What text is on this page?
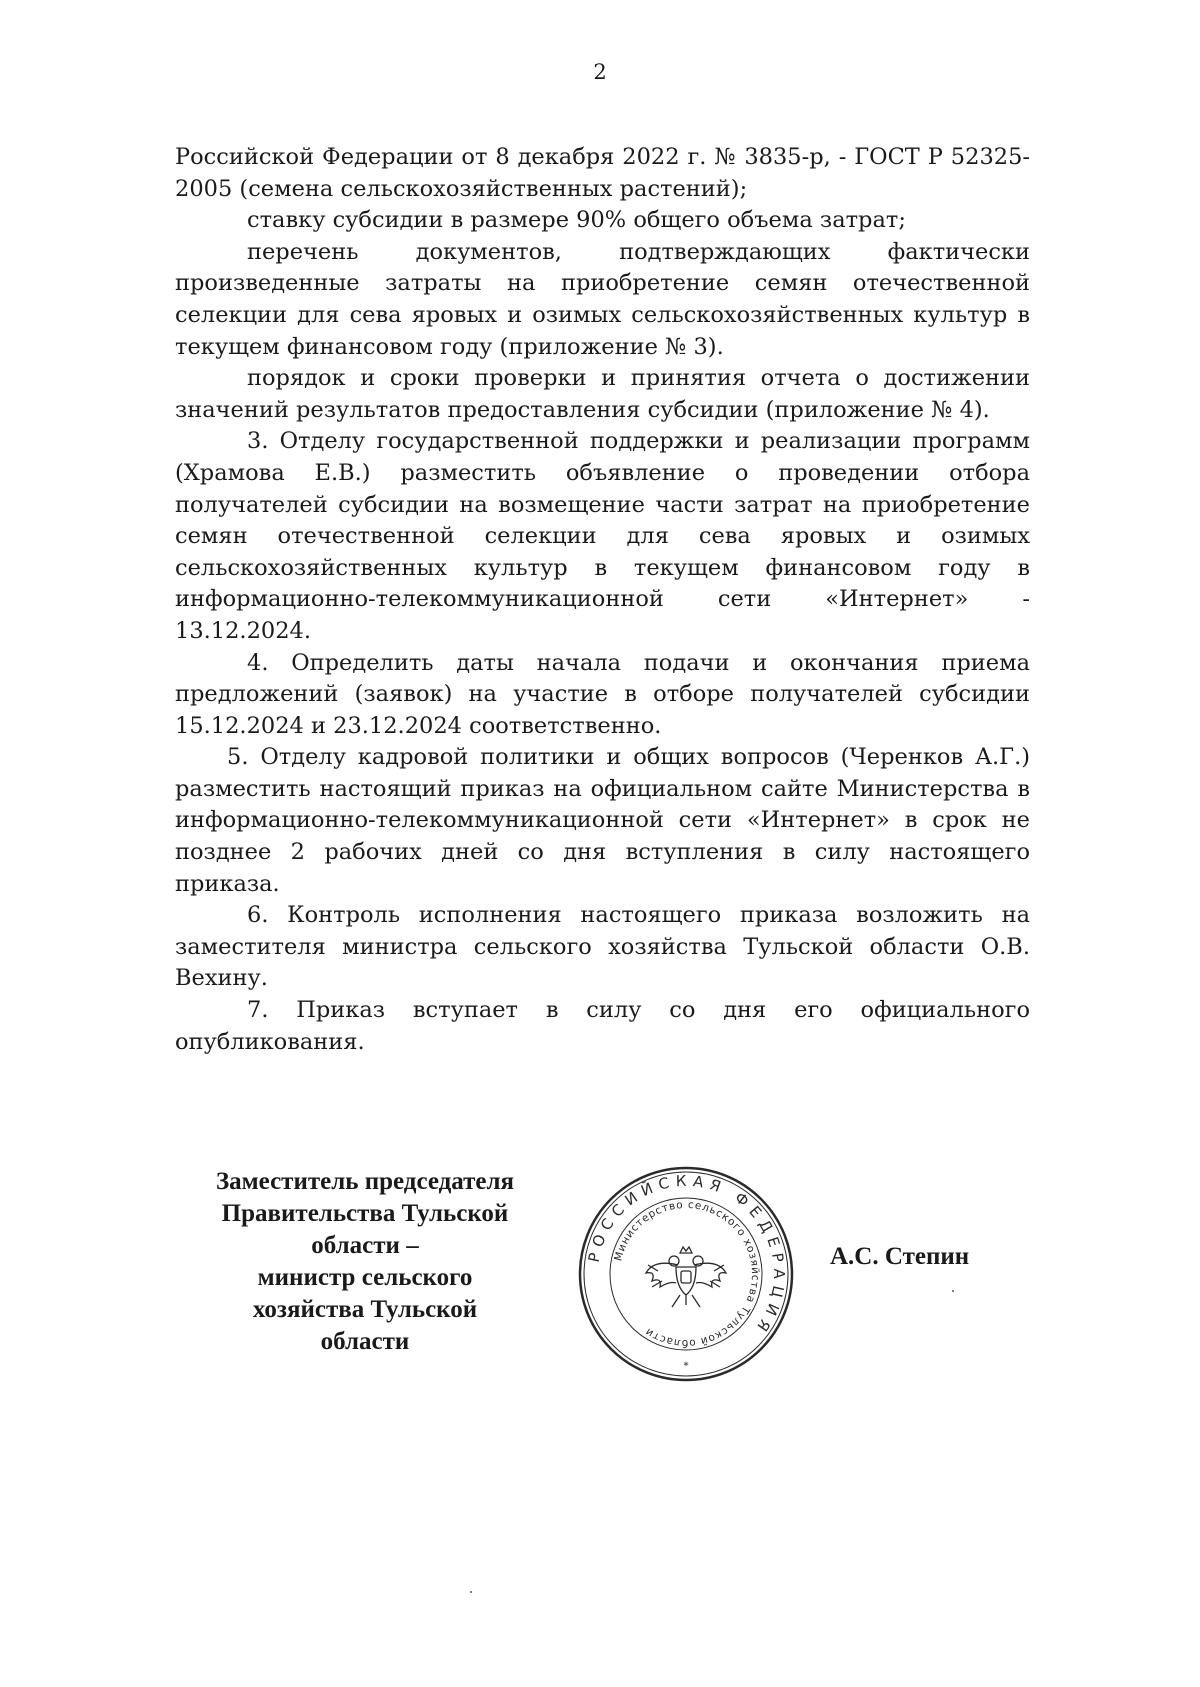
2

Российской Федерации от 8 декабря 2022 г. № 3835-р, - ГОСТ Р 52325-2005 (семена сельскохозяйственных растений);

ставку субсидии в размере 90% общего объема затрат;

перечень документов, подтверждающих фактически произведенные затраты на приобретение семян отечественной селекции для сева яровых и озимых сельскохозяйственных культур в текущем финансовом году (приложение № 3).

порядок и сроки проверки и принятия отчета о достижении значений результатов предоставления субсидии (приложение № 4).

3. Отделу государственной поддержки и реализации программ (Храмова Е.В.) разместить объявление о проведении отбора получателей субсидии на возмещение части затрат на приобретение семян отечественной селекции для сева яровых и озимых сельскохозяйственных культур в текущем финансовом году в информационно-телекоммуникационной сети «Интернет» - 13.12.2024.

4. Определить даты начала подачи и окончания приема предложений (заявок) на участие в отборе получателей субсидии 15.12.2024 и 23.12.2024 соответственно.

5. Отделу кадровой политики и общих вопросов (Черенков А.Г.) разместить настоящий приказ на официальном сайте Министерства в информационно-телекоммуникационной сети «Интернет» в срок не позднее 2 рабочих дней со дня вступления в силу настоящего приказа.

6. Контроль исполнения настоящего приказа возложить на заместителя министра сельского хозяйства Тульской области О.В. Вехину.

7. Приказ вступает в силу со дня его официального опубликования.

Заместитель председателя
Правительства Тульской
области –
министр сельского
хозяйства Тульской
области
РОССИЙСКАЯ ФЕДЕРАЦИЯ
Министерство сельского хозяйства Тульской области
*
А.С. Степин
